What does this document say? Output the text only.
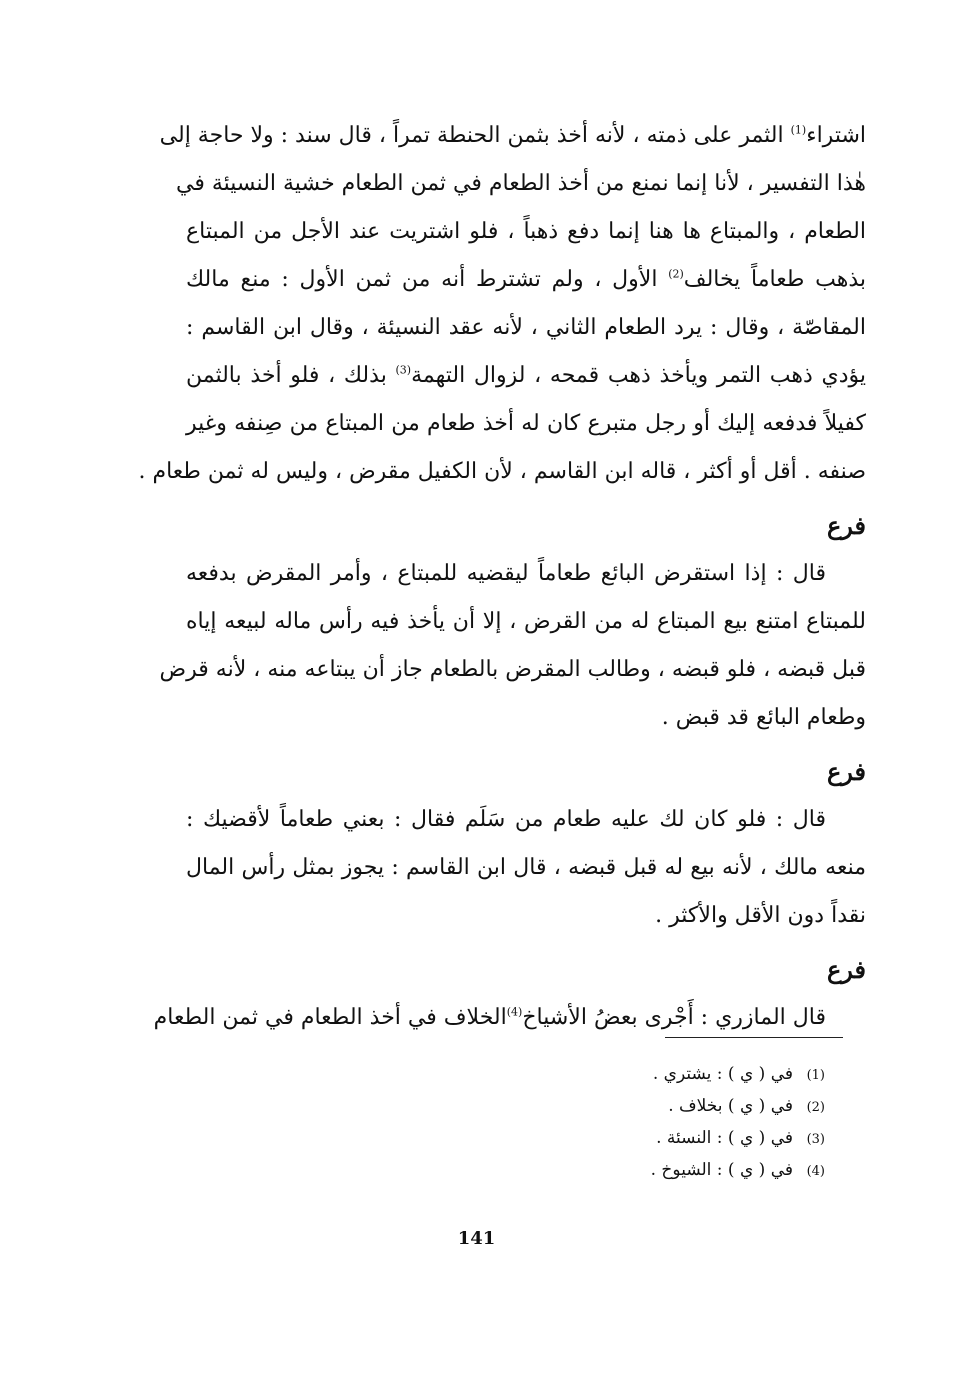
اشتراء$^{(1)}$ الثمر على ذمته ، لأنه أخذ بثمن الحنطة تمراً ، قال سند : ولا حاجة إلى
هٰذا التفسير ، لأنا إنما نمنع من أخذ الطعام في ثمن الطعام خشية النسيئة في
الطعام ، والمبتاع ها هنا إنما دفع ذهباً ، فلو اشتريت عند الأجل من المبتاع
بذهب طعاماً يخالف$^{(2)}$ الأول ، ولم تشترط أنه من ثمن الأول : منع مالك
المقاصّة ، وقال : يرد الطعام الثاني ، لأنه عقد النسيئة ، وقال ابن القاسم :
يؤدي ذهب التمر ويأخذ ذهب قمحه ، لزوال التهمة$^{(3)}$ بذلك ، فلو أخذ بالثمن
كفيلاً فدفعه إليك أو رجل متبرع كان له أخذ طعام من المبتاع من صِنفه وغير
صنفه . أقل أو أكثر ، قاله ابن القاسم ، لأن الكفيل مقرض ، وليس له ثمن طعام .
فرع
قال : إذا استقرض البائع طعاماً ليقضيه للمبتاع ، وأمر المقرض بدفعه
للمبتاع امتنع بيع المبتاع له من القرض ، إلا أن يأخذ فيه رأس ماله لبيعه إياه
قبل قبضه ، فلو قبضه ، وطالب المقرض بالطعام جاز أن يبتاعه منه ، لأنه قرض
وطعام البائع قد قبض .
فرع
قال : فلو كان لك عليه طعام من سَلَم فقال : بعني طعاماً لأقضيك :
منعه مالك ، لأنه بيع له قبل قبضه ، قال ابن القاسم : يجوز بمثل رأس المال
نقداً دون الأقل والأكثر .
فرع
قال المازري : أَجْرى بعضُ الأشياخ$^{(4)}$الخلاف في أخذ الطعام في ثمن الطعام
(1)في ( ي ) : يشتري .
(2)في ( ي ) بخلاف .
(3)في ( ي ) : النسئة .
(4)في ( ي ) : الشيوخ .
141
